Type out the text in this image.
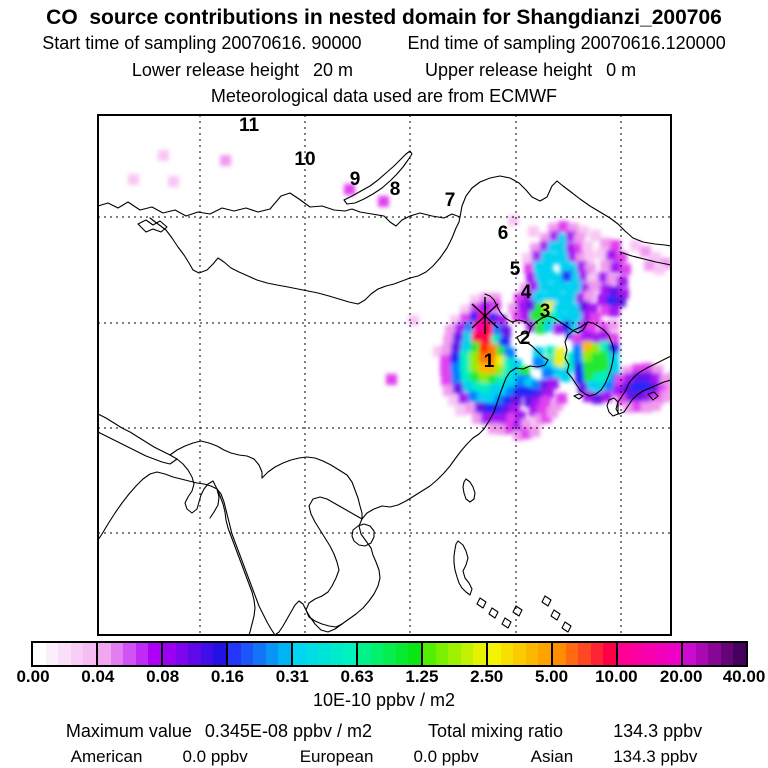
CO  source contributions in nested domain for Shangdianzi_200706
Start time of sampling 20070616. 90000	End time of sampling 20070616.120000
Lower release height 20 m	Upper release height 0 m
Meteorological data used are from ECMWF
1
2
3
4
5
6
7
8
9
10
11
0.00 0.04 0.08 0.16 0.31 0.63 1.25 2.50 5.00 10.00 20.00 40.00
10E-10 ppbv / m2
Maximum value 0.345E-08 ppbv / m2	Total mixing ratio	134.3 ppbv
American 0.0 ppbv	European 0.0 ppbv	Asian 134.3 ppbv
